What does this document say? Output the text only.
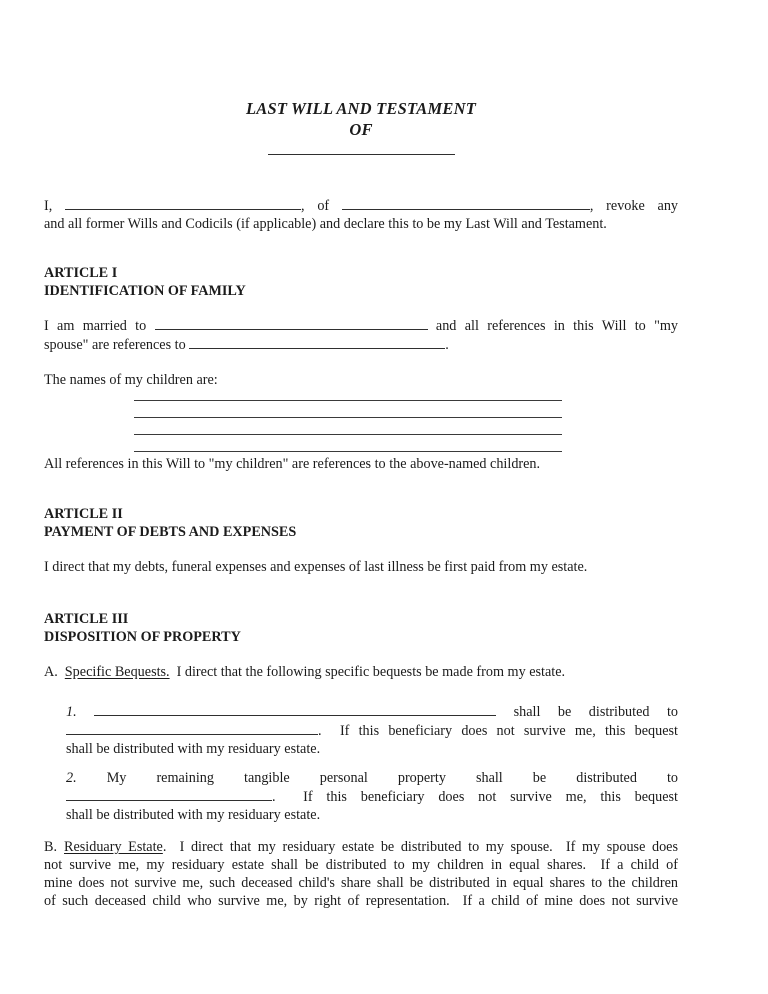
LAST WILL AND TESTAMENT
OF
I,	, of	, revoke any
and all former Wills and Codicils (if applicable) and declare this to be my Last Will and Testament.
ARTICLE I
IDENTIFICATION OF FAMILY
I am married to	and all references in this Will to "my
spouse" are references to	.
The names of my children are:
All references in this Will to "my children" are references to the above-named children.
ARTICLE II
PAYMENT OF DEBTS AND EXPENSES
I direct that my debts, funeral expenses and expenses of last illness be first paid from my estate.
ARTICLE III
DISPOSITION OF PROPERTY
A. Specific Bequests. I direct that the following specific bequests be made from my estate.
1.	shall be distributed to
.  If this beneficiary does not survive me, this bequest
shall be distributed with my residuary estate.
2. My remaining tangible personal property shall be distributed to
.  If this beneficiary does not survive me, this bequest
shall be distributed with my residuary estate.
B. Residuary Estate.  I direct that my residuary estate be distributed to my spouse.  If my spouse does
not survive me, my residuary estate shall be distributed to my children in equal shares.  If a child of
mine does not survive me, such deceased child's share shall be distributed in equal shares to the children
of such deceased child who survive me, by right of representation.  If a child of mine does not survive
